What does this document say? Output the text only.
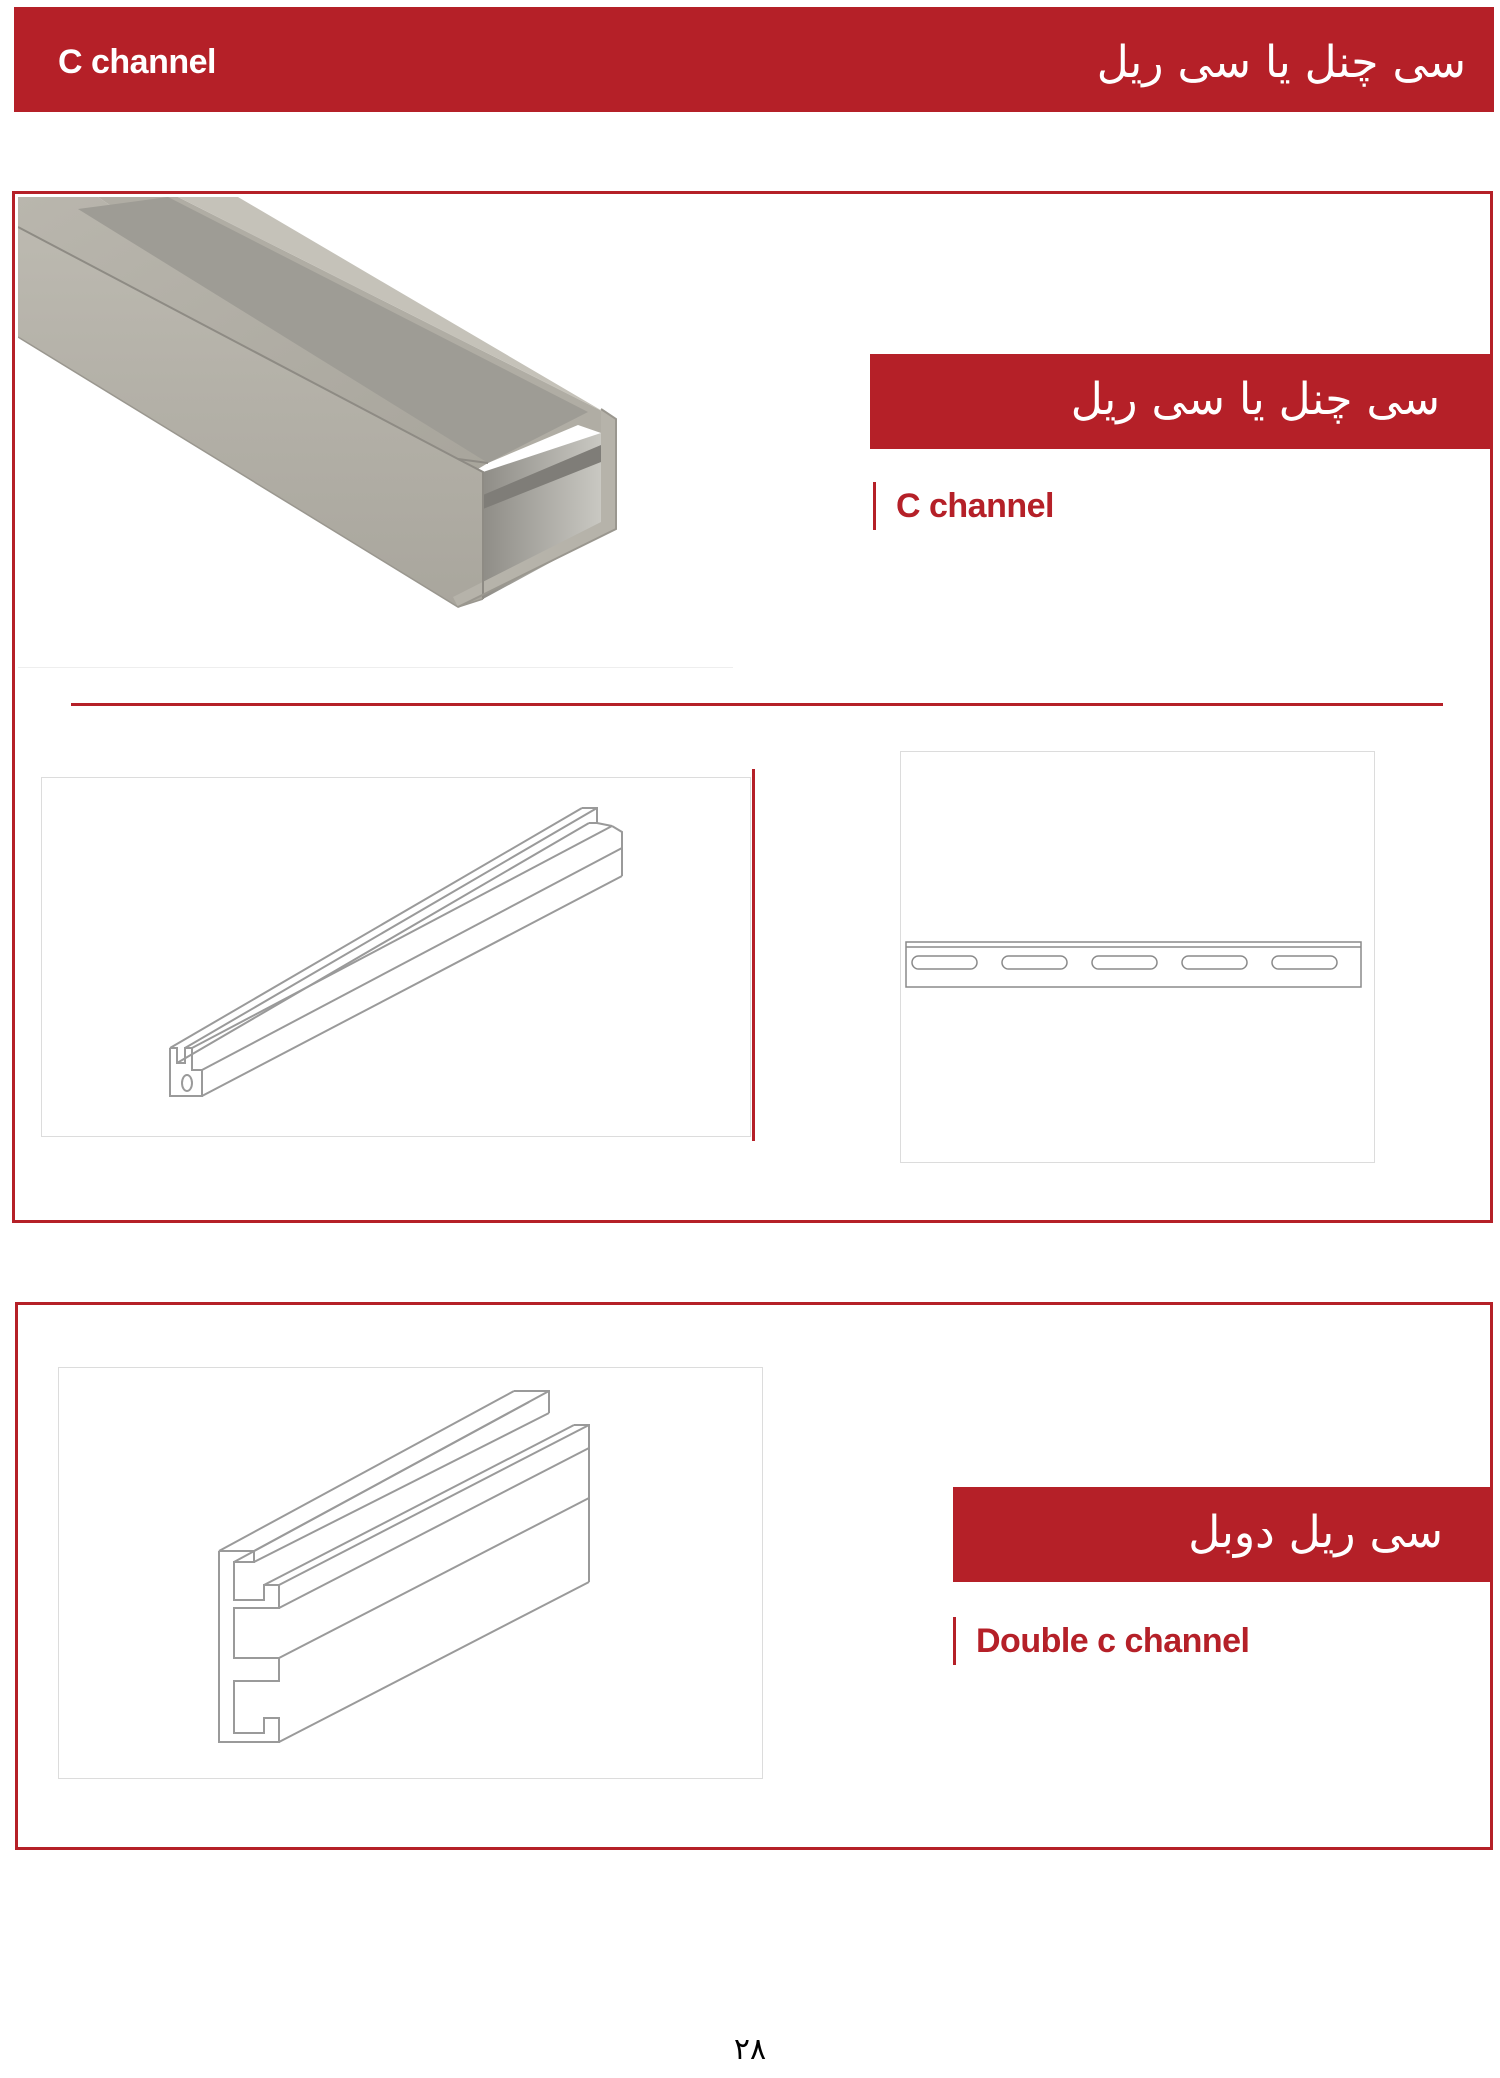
C channel	سی چنل یا سی ریل
سی چنل یا سی ریل
C channel
سی ریل دوبل
Double c channel
۲۸
